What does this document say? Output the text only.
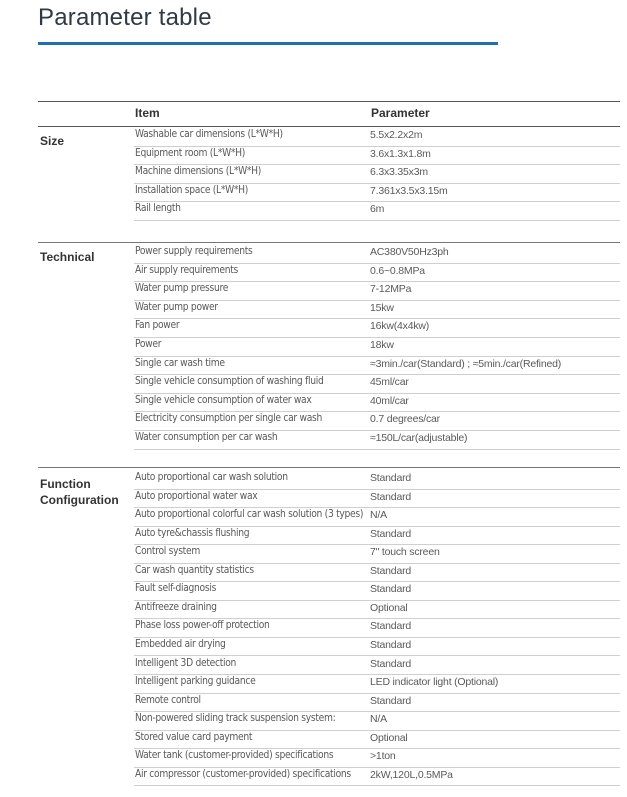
Parameter table
Item	Parameter
Size	Washable car dimensions (L*W*H)	5.5x2.2x2m
Equipment room (L*W*H)	3.6x1.3x1.8m
Machine dimensions (L*W*H)	6.3x3.35x3m
Installation space (L*W*H)	7.361x3.5x3.15m
Rail length	6m
Technical	Power supply requirements	AC380V50Hz3ph
Air supply requirements	0.6~0.8MPa
Water pump pressure	7-12MPa
Water pump power	15kw
Fan power	16kw(4x4kw)
Power	18kw
Single car wash time	≈3min./car(Standard) ; ≈5min./car(Refined)
Single vehicle consumption of washing fluid	45ml/car
Single vehicle consumption of water wax	40ml/car
Electricity consumption per single car wash	0.7 degrees/car
Water consumption per car wash	≈150L/car(adjustable)
Function
Configuration
Auto proportional car wash solution	Standard
Auto proportional water wax	Standard
Auto proportional colorful car wash solution (3 types) N/A
Auto tyre&chassis flushing	Standard
Control system	7" touch screen
Car wash quantity statistics	Standard
Fault self-diagnosis	Standard
Antifreeze draining	Optional
Phase loss power-off protection	Standard
Embedded air drying	Standard
Intelligent 3D detection	Standard
Intelligent parking guidance	LED indicator light (Optional)
Remote control	Standard
Non-powered sliding track suspension system:	N/A
Stored value card payment	Optional
Water tank (customer-provided) specifications	>1ton
Air compressor (customer-provided) specifications 2kW,120L,0.5MPa
